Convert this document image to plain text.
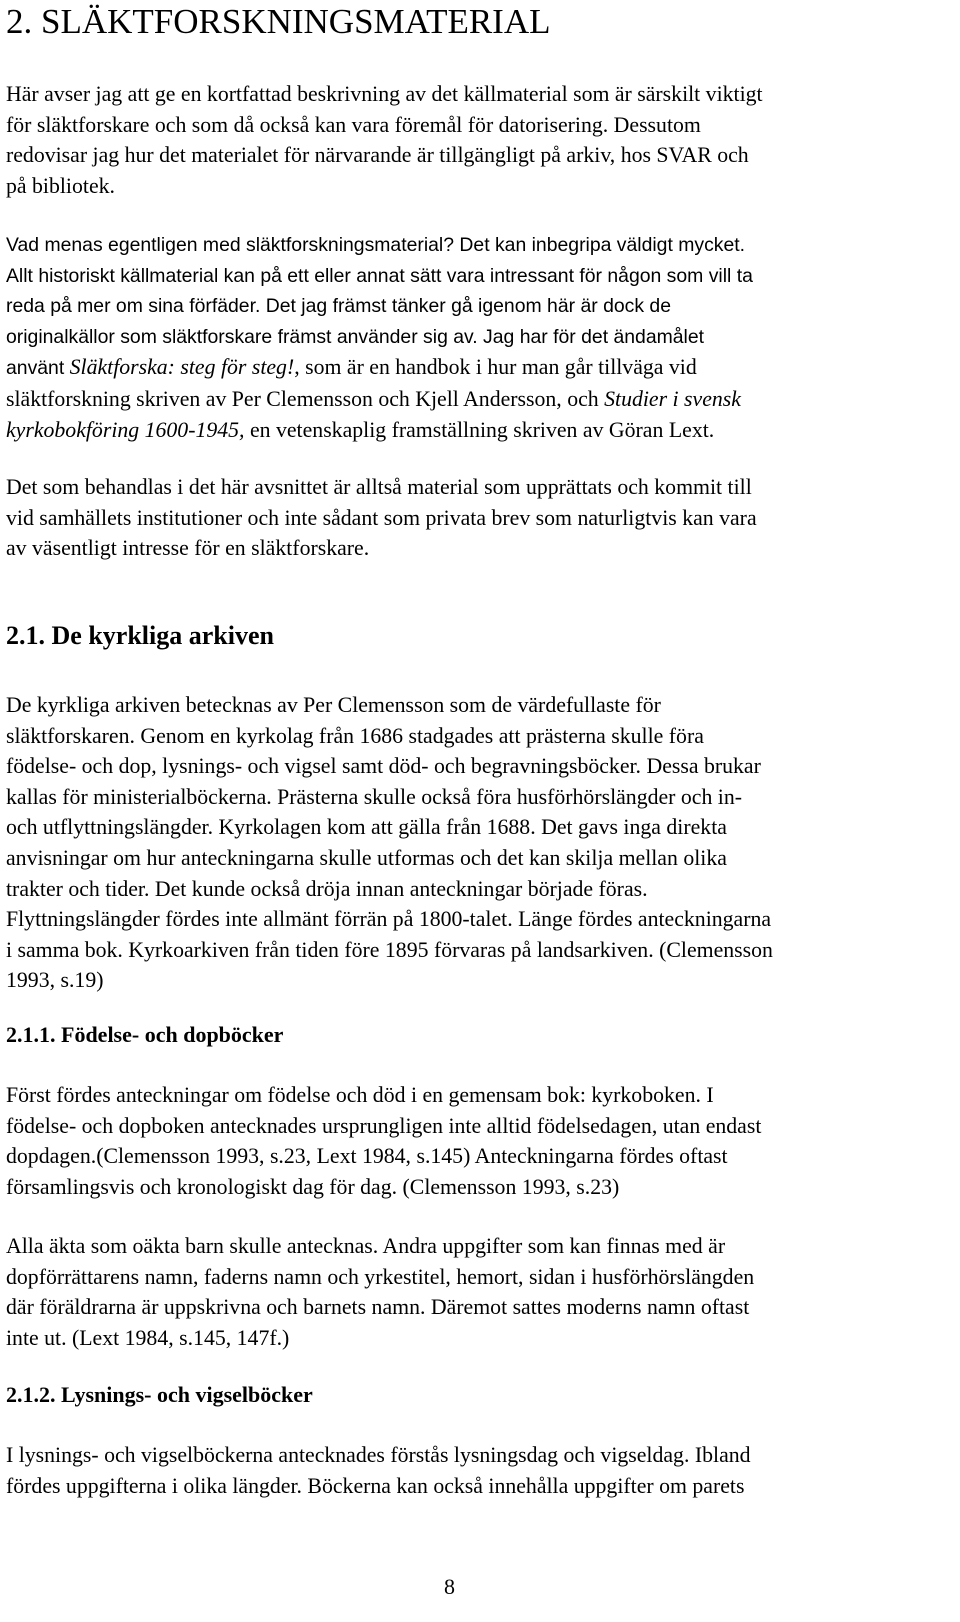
2. SLÄKTFORSKNINGSMATERIAL
Här avser jag att ge en kortfattad beskrivning av det källmaterial som är särskilt viktigt
för släktforskare och som då också kan vara föremål för datorisering. Dessutom
redovisar jag hur det materialet för närvarande är tillgängligt på arkiv, hos SVAR och
på bibliotek.
Vad menas egentligen med släktforskningsmaterial? Det kan inbegripa väldigt mycket.
Allt historiskt källmaterial kan på ett eller annat sätt vara intressant för någon som vill ta
reda på mer om sina förfäder. Det jag främst tänker gå igenom här är dock de
originalkällor som släktforskare främst använder sig av. Jag har för det ändamålet
använt Släktforska: steg för steg!, som är en handbok i hur man går tillväga vid
släktforskning skriven av Per Clemensson och Kjell Andersson, och Studier i svensk
kyrkobokföring 1600-1945, en vetenskaplig framställning skriven av Göran Lext.
Det som behandlas i det här avsnittet är alltså material som upprättats och kommit till
vid samhällets institutioner och inte sådant som privata brev som naturligtvis kan vara
av väsentligt intresse för en släktforskare.
2.1. De kyrkliga arkiven
De kyrkliga arkiven betecknas av Per Clemensson som de värdefullaste för
släktforskaren. Genom en kyrkolag från 1686 stadgades att prästerna skulle föra
födelse- och dop, lysnings- och vigsel samt död- och begravningsböcker. Dessa brukar
kallas för ministerialböckerna. Prästerna skulle också föra husförhörslängder och in-
och utflyttningslängder. Kyrkolagen kom att gälla från 1688. Det gavs inga direkta
anvisningar om hur anteckningarna skulle utformas och det kan skilja mellan olika
trakter och tider. Det kunde också dröja innan anteckningar började föras.
Flyttningslängder fördes inte allmänt förrän på 1800-talet. Länge fördes anteckningarna
i samma bok. Kyrkoarkiven från tiden före 1895 förvaras på landsarkiven. (Clemensson
1993, s.19)
2.1.1. Födelse- och dopböcker
Först fördes anteckningar om födelse och död i en gemensam bok: kyrkoboken. I
födelse- och dopboken antecknades ursprungligen inte alltid födelsedagen, utan endast
dopdagen.(Clemensson 1993, s.23, Lext 1984, s.145) Anteckningarna fördes oftast
församlingsvis och kronologiskt dag för dag. (Clemensson 1993, s.23)
Alla äkta som oäkta barn skulle antecknas. Andra uppgifter som kan finnas med är
dopförrättarens namn, faderns namn och yrkestitel, hemort, sidan i husförhörslängden
där föräldrarna är uppskrivna och barnets namn. Däremot sattes moderns namn oftast
inte ut. (Lext 1984, s.145, 147f.)
2.1.2. Lysnings- och vigselböcker
I lysnings- och vigselböckerna antecknades förstås lysningsdag och vigseldag. Ibland
fördes uppgifterna i olika längder. Böckerna kan också innehålla uppgifter om parets
8
